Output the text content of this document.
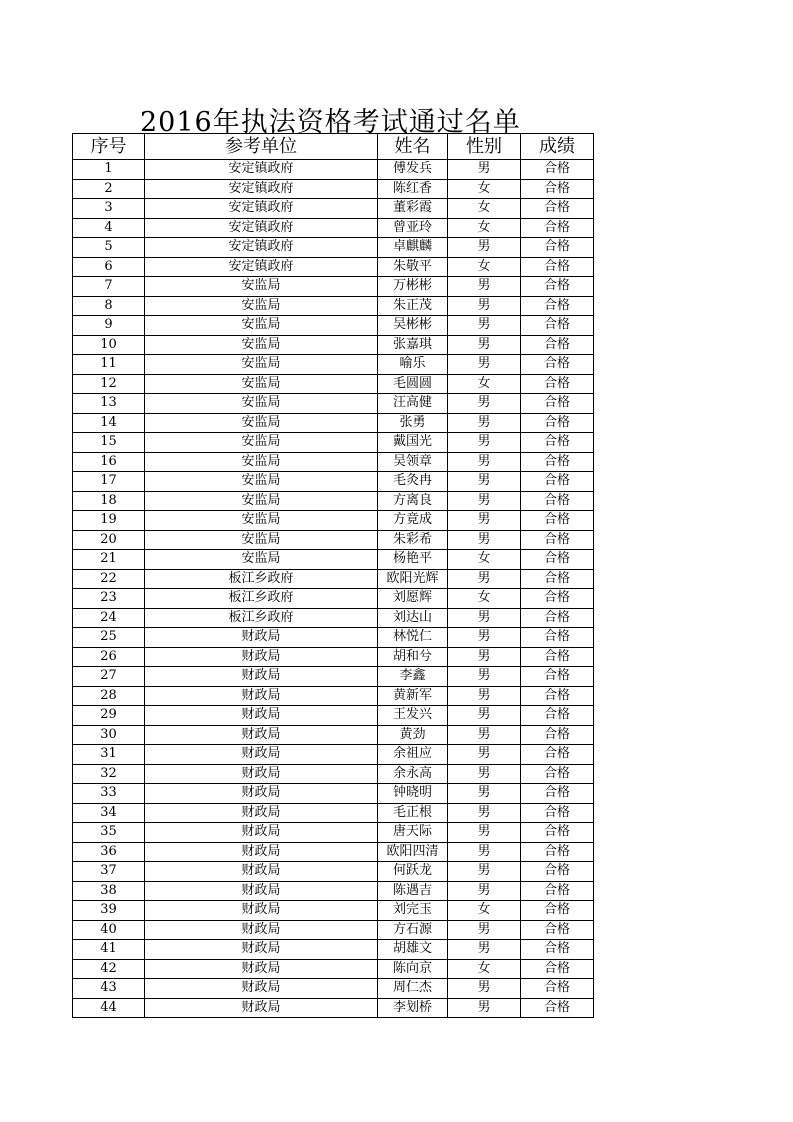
2016年执法资格考试通过名单
序号	参考单位	姓名	性别	成绩
1	安定镇政府	傅发兵	男	合格
2	安定镇政府	陈红香	女	合格
3	安定镇政府	董彩霞	女	合格
4	安定镇政府	曾亚玲	女	合格
5	安定镇政府	卓麒麟	男	合格
6	安定镇政府	朱敬平	女	合格
7	安监局	万彬彬	男	合格
8	安监局	朱正茂	男	合格
9	安监局	吴彬彬	男	合格
10	安监局	张嘉琪	男	合格
11	安监局	喻乐	男	合格
12	安监局	毛圆圆	女	合格
13	安监局	汪高健	男	合格
14	安监局	张勇	男	合格
15	安监局	戴国光	男	合格
16	安监局	吴领章	男	合格
17	安监局	毛灸冉	男	合格
18	安监局	方离良	男	合格
19	安监局	方竟成	男	合格
20	安监局	朱彩希	男	合格
21	安监局	杨艳平	女	合格
22	板江乡政府	欧阳光辉	男	合格
23	板江乡政府	刘愿辉	女	合格
24	板江乡政府	刘达山	男	合格
25	财政局	林悦仁	男	合格
26	财政局	胡和兮	男	合格
27	财政局	李鑫	男	合格
28	财政局	黄新军	男	合格
29	财政局	王发兴	男	合格
30	财政局	黄劲	男	合格
31	财政局	余祖应	男	合格
32	财政局	余永高	男	合格
33	财政局	钟晓明	男	合格
34	财政局	毛正根	男	合格
35	财政局	唐天际	男	合格
36	财政局	欧阳四清	男	合格
37	财政局	何跃龙	男	合格
38	财政局	陈遇吉	男	合格
39	财政局	刘完玉	女	合格
40	财政局	方石源	男	合格
41	财政局	胡雄文	男	合格
42	财政局	陈向京	女	合格
43	财政局	周仁杰	男	合格
44	财政局	李划桥	男	合格
